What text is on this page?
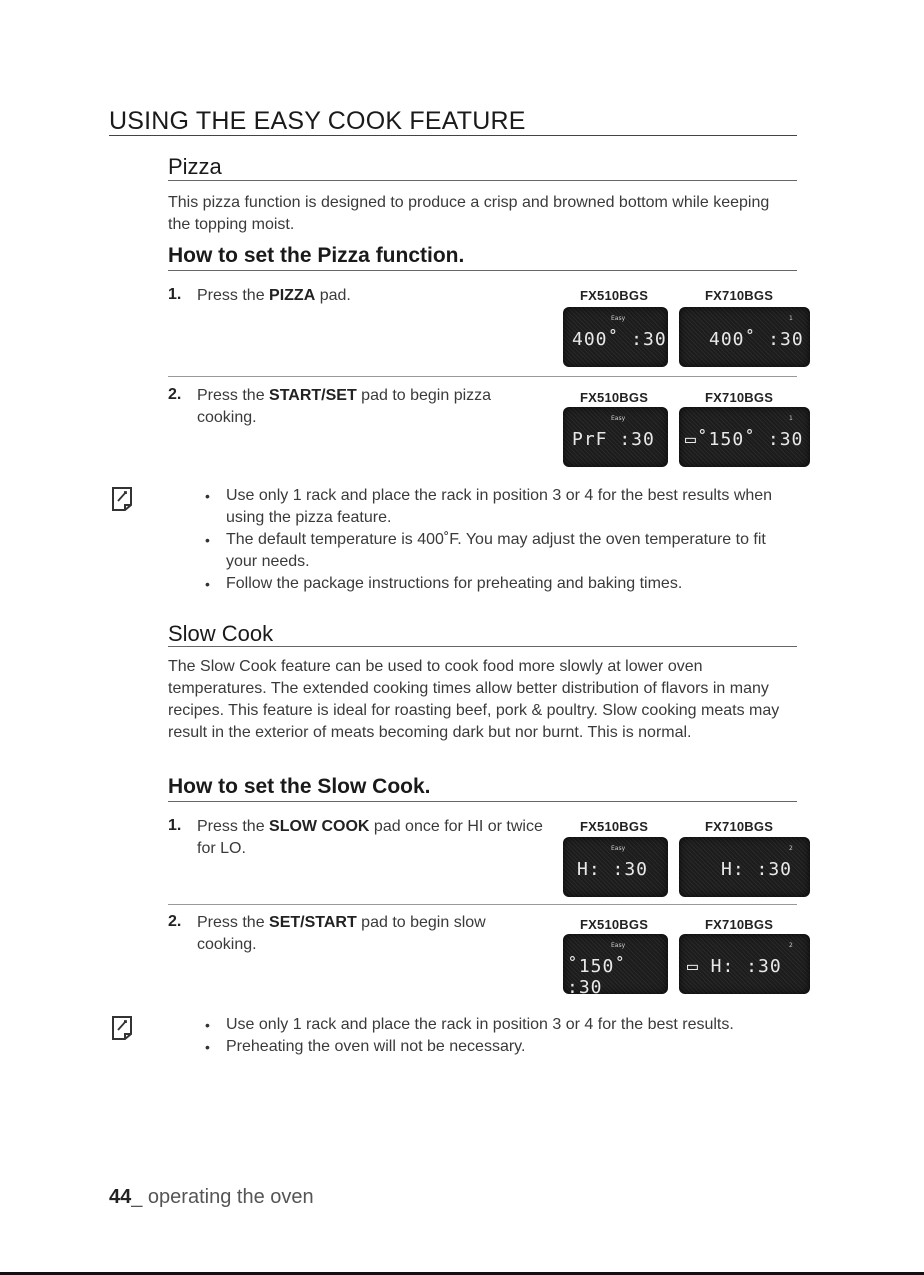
USING THE EASY COOK FEATURE
Pizza
This pizza function is designed to produce a crisp and browned bottom while keeping the topping moist.
How to set the Pizza function.
1. Press the PIZZA pad.	FX510BGS	FX710BGS
Easy
400˚ :30
1
400˚ :30
2. Press the START/SET pad to begin pizza cooking.
FX510BGS	FX710BGS
Easy
PrF :30
1
▭˚150˚ :30
• Use only 1 rack and place the rack in position 3 or 4 for the best results when using the pizza feature.
• The default temperature is 400˚F. You may adjust the oven temperature to fit your needs.
• Follow the package instructions for preheating and baking times.
Slow Cook
The Slow Cook feature can be used to cook food more slowly at lower oven temperatures. The extended cooking times allow better distribution of flavors in many recipes. This feature is ideal for roasting beef, pork & poultry. Slow cooking meats may result in the exterior of meats becoming dark but nor burnt. This is normal.
How to set the Slow Cook.
1. Press the SLOW COOK pad once for HI or twice for LO.
FX510BGS	FX710BGS
Easy
H: :30
2
H: :30
2. Press the SET/START pad to begin slow cooking.
FX510BGS	FX710BGS
Easy
˚150˚ :30
2
▭ H: :30
• Use only 1 rack and place the rack in position 3 or 4 for the best results.
• Preheating the oven will not be necessary.
44_ operating the oven
